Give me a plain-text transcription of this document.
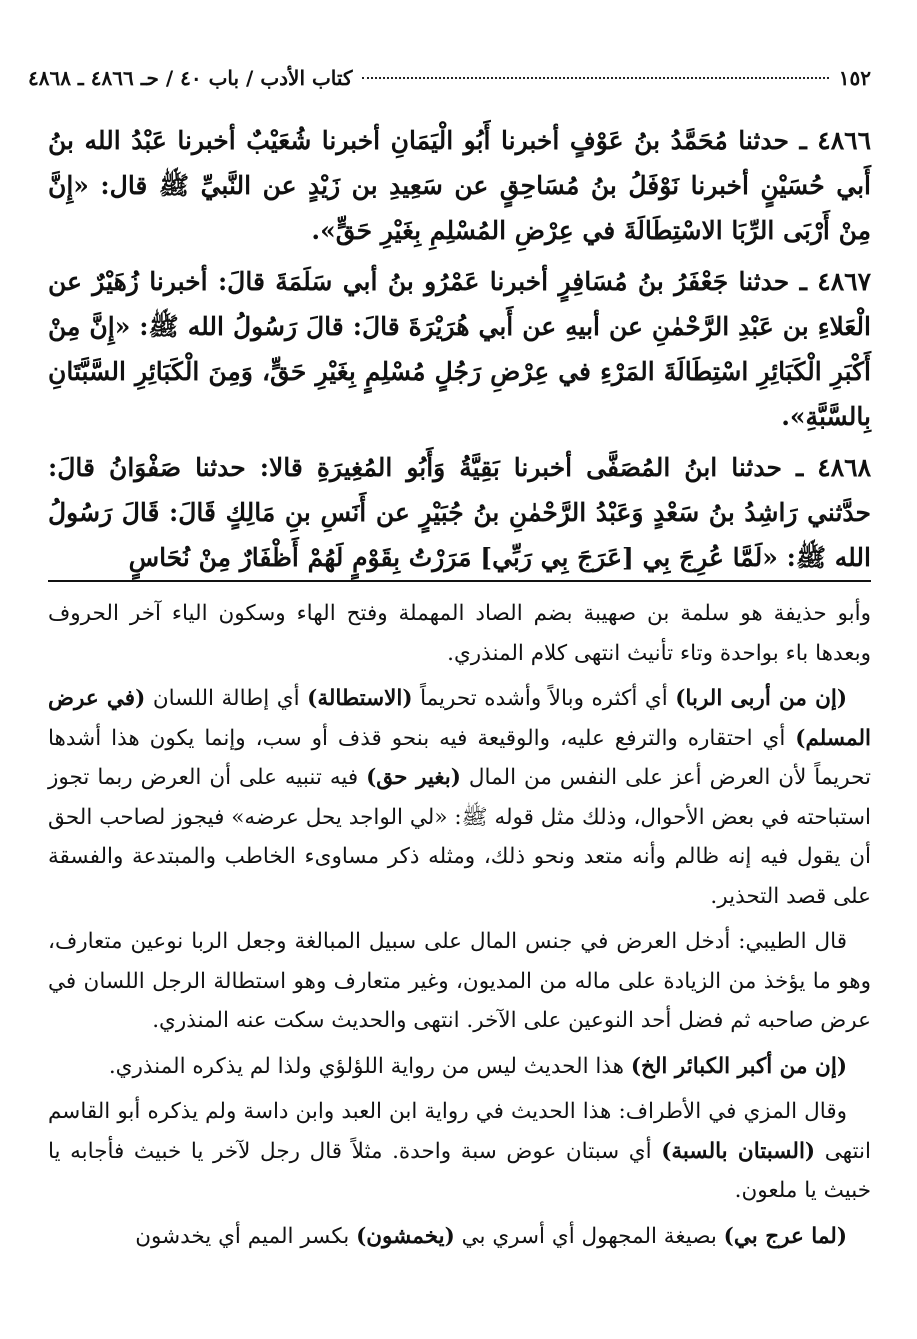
١٥٢
كتاب الأدب / باب ٤٠ / حـ ٤٨٦٦ ـ ٤٨٦٨

٤٨٦٦ ـ حدثنا مُحَمَّدُ بنُ عَوْفٍ أخبرنا أَبُو الْيَمَانِ أخبرنا شُعَيْبٌ أخبرنا عَبْدُ الله بنُ أَبي حُسَيْنٍ أخبرنا نَوْفَلُ بنُ مُسَاحِقٍ عن سَعِيدِ بن زَيْدٍ عن النَّبيِّ ﷺ قال: «إِنَّ مِنْ أَرْبَى الرِّبَا الاسْتِطَالَةَ في عِرْضِ المُسْلِمِ بِغَيْرِ حَقٍّ».

٤٨٦٧ ـ حدثنا جَعْفَرُ بنُ مُسَافِرٍ أخبرنا عَمْرُو بنُ أبي سَلَمَةَ قالَ: أخبرنا زُهَيْرٌ عن الْعَلاءِ بن عَبْدِ الرَّحْمٰنِ عن أبيهِ عن أَبي هُرَيْرَةَ قالَ: قالَ رَسُولُ الله ﷺ: «إِنَّ مِنْ أَكْبَرِ الْكَبَائِرِ اسْتِطَالَةَ المَرْءِ في عِرْضِ رَجُلٍ مُسْلِمٍ بِغَيْرِ حَقٍّ، وَمِنَ الْكَبَائِرِ السَّبَّتَانِ بِالسَّبَّةِ».

٤٨٦٨ ـ حدثنا ابنُ المُصَفَّى أخبرنا بَقِيَّةُ وَأَبُو المُغِيرَةِ قالا: حدثنا صَفْوَانُ قالَ: حدَّثني رَاشِدُ بنُ سَعْدٍ وَعَبْدُ الرَّحْمٰنِ بنُ جُبَيْرٍ عن أَنَسِ بنِ مَالِكٍ قَالَ: قَالَ رَسُولُ الله ﷺ: «لَمَّا عُرِجَ بِي [عَرَجَ بِي رَبِّي] مَرَرْتُ بِقَوْمٍ لَهُمْ أَظْفَارٌ مِنْ نُحَاسٍ

وأبو حذيفة هو سلمة بن صهيبة بضم الصاد المهملة وفتح الهاء وسكون الياء آخر الحروف وبعدها باء بواحدة وتاء تأنيث انتهى كلام المنذري.

(إن من أربى الربا) أي أكثره وبالاً وأشده تحريماً (الاستطالة) أي إطالة اللسان (في عرض المسلم) أي احتقاره والترفع عليه، والوقيعة فيه بنحو قذف أو سب، وإنما يكون هذا أشدها تحريماً لأن العرض أعز على النفس من المال (بغير حق) فيه تنبيه على أن العرض ربما تجوز استباحته في بعض الأحوال، وذلك مثل قوله ﷺ: «لي الواجد يحل عرضه» فيجوز لصاحب الحق أن يقول فيه إنه ظالم وأنه متعد ونحو ذلك، ومثله ذكر مساوىء الخاطب والمبتدعة والفسقة على قصد التحذير.

قال الطيبي: أدخل العرض في جنس المال على سبيل المبالغة وجعل الربا نوعين متعارف، وهو ما يؤخذ من الزيادة على ماله من المديون، وغير متعارف وهو استطالة الرجل اللسان في عرض صاحبه ثم فضل أحد النوعين على الآخر. انتهى والحديث سكت عنه المنذري.

(إن من أكبر الكبائر الخ) هذا الحديث ليس من رواية اللؤلؤي ولذا لم يذكره المنذري.

وقال المزي في الأطراف: هذا الحديث في رواية ابن العبد وابن داسة ولم يذكره أبو القاسم انتهى (السبتان بالسبة) أي سبتان عوض سبة واحدة. مثلاً قال رجل لآخر يا خبيث فأجابه يا خبيث يا ملعون.

(لما عرج بي) بصيغة المجهول أي أسري بي (يخمشون) بكسر الميم أي يخدشون
